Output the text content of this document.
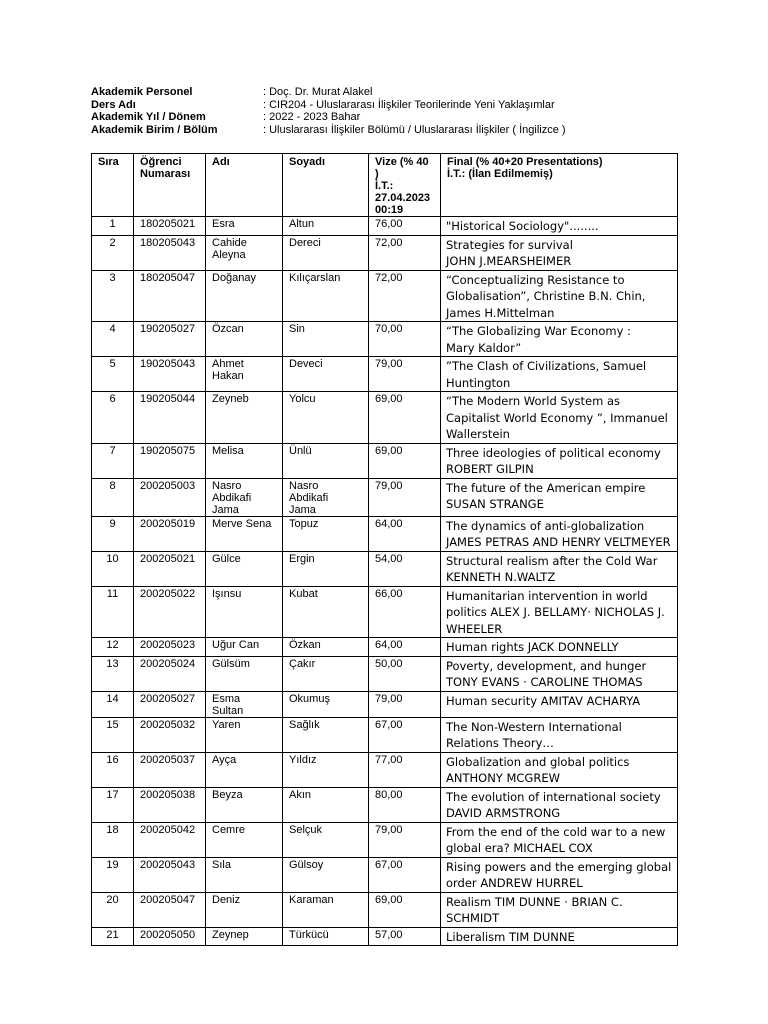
Akademik Personel	: Doç. Dr. Murat Alakel
Ders Adı	: CIR204 - Uluslararası İlişkiler Teorilerinde Yeni Yaklaşımlar
Akademik Yıl / Dönem	: 2022 - 2023 Bahar
Akademik Birim / Bölüm	: Uluslararası İlişkiler Bölümü / Uluslararası İlişkiler ( İngilizce )
Sıra	Öğrenci
Numarası	Adı	Soyadı	Vize (% 40
)
İ.T.:
27.04.2023
00:19	Final (% 40+20 Presentations)
İ.T.: (İlan Edilmemiş)
1	180205021	Esra	Altun	76,00	"Historical Sociology"........
2	180205043	Cahide
Aleyna	Dereci	72,00	Strategies for survival
JOHN J.MEARSHEIMER
3	180205047	Doğanay	Kılıçarslan	72,00	“Conceptualizing Resistance to Globalisation”, Christine B.N. Chin, James H.Mittelman
4	190205027	Özcan	Sin	70,00	“The Globalizing War Economy :
Mary Kaldor”
5	190205043	Ahmet
Hakan	Deveci	79,00	”The Clash of Civilizations, Samuel Huntington
6	190205044	Zeyneb	Yolcu	69,00	“The Modern World System as Capitalist World Economy ”, Immanuel Wallerstein
7	190205075	Melisa	Ünlü	69,00	Three ideologies of political economy ROBERT GILPIN
8	200205003	Nasro
Abdikafi
Jama	Nasro
Abdikafi
Jama	79,00	The future of the American empire
SUSAN STRANGE
9	200205019	Merve Sena	Topuz	64,00	The dynamics of anti-globalization JAMES PETRAS AND HENRY VELTMEYER
10	200205021	Gülce	Ergin	54,00	Structural realism after the Cold War
KENNETH N.WALTZ
11	200205022	Işınsu	Kubat	66,00	Humanitarian intervention in world politics ALEX J. BELLAMY· NICHOLAS J. WHEELER
12	200205023	Uğur Can	Özkan	64,00	Human rights JACK DONNELLY
13	200205024	Gülsüm	Çakır	50,00	Poverty, development, and hunger TONY EVANS · CAROLINE THOMAS
14	200205027	Esma
Sultan	Okumuş	79,00	Human security AMITAV ACHARYA
15	200205032	Yaren	Sağlık	67,00	The Non-Western International Relations Theory…
16	200205037	Ayça	Yıldız	77,00	Globalization and global politics ANTHONY MCGREW
17	200205038	Beyza	Akın	80,00	The evolution of international society DAVID ARMSTRONG
18	200205042	Cemre	Selçuk	79,00	From the end of the cold war to a new global era? MICHAEL COX
19	200205043	Sıla	Gülsoy	67,00	Rising powers and the emerging global order ANDREW HURREL
20	200205047	Deniz	Karaman	69,00	Realism TIM DUNNE · BRIAN C. SCHMIDT
21	200205050	Zeynep	Türkücü	57,00	Liberalism TIM DUNNE
